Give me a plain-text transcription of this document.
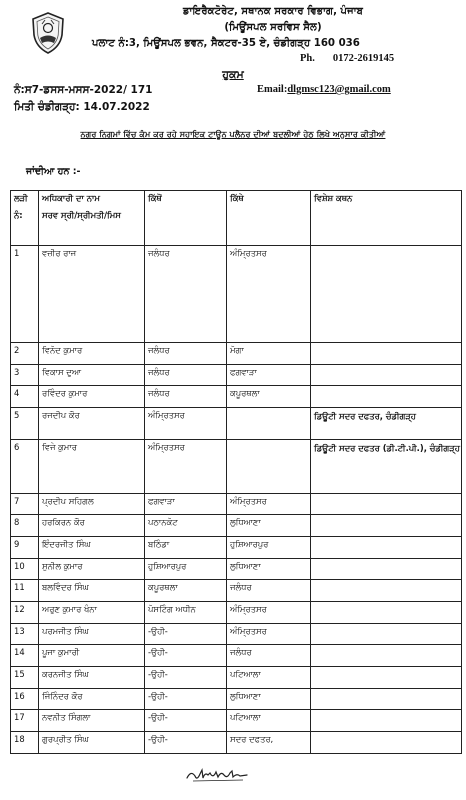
ਡਾਇਰੈਕਟੋਰੇਟ, ਸਥਾਨਕ ਸਰਕਾਰ ਵਿਭਾਗ, ਪੰਜਾਬ
(ਮਿਊਂਸਪਲ ਸਰਵਿਸ ਸੈਲ)
ਪਲਾਟ ਨੰ:3, ਮਿਊਂਸਪਲ ਭਵਨ, ਸੈਕਟਰ-35 ਏ, ਚੰਡੀਗੜ੍ਹ 160 036
Ph. 0172-2619145
ਹੁਕਮ
ਨੰ:ਸ7-ਡਸਸ-ਮਸਸ-2022/ 171
ਮਿਤੀ ਚੰਡੀਗੜ੍ਹ: 14.07.2022
Email:dlgmsc123@gmail.com
ਨਗਰ ਨਿਗਮਾਂ ਵਿੱਚ ਕੰਮ ਕਰ ਰਹੇ ਸਹਾਇਕ ਟਾਊਨ ਪਲੈਨਰ ਦੀਆਂ ਬਦਲੀਆਂ ਹੇਠ ਲਿਖੇ ਅਨੁਸਾਰ ਕੀਤੀਆਂ
ਜਾਂਦੀਆ ਹਨ :-
ਲੜੀ
ਨੰ:	ਅਧਿਕਾਰੀ ਦਾ ਨਾਮ
ਸਰਵ ਸ੍ਰੀ/ਸ੍ਰੀਮਤੀ/ਮਿਸ	ਕਿੱਥੋਂ	ਕਿੱਥੇ	ਵਿਸ਼ੇਸ਼ ਕਥਨ
1	ਵਜ਼ੀਰ ਰਾਜ	ਜਲੰਧਰ	ਅੰਮ੍ਰਿਤਸਰ	
2	ਵਿਨੋਦ ਕੁਮਾਰ	ਜਲੰਧਰ	ਮੋਗਾ	
3	ਵਿਕਾਸ ਦੁਆ	ਜਲੰਧਰ	ਫਗਵਾੜਾ	
4	ਰਵਿੰਦਰ ਕੁਮਾਰ	ਜਲੰਧਰ	ਕਪੂਰਥਲਾ	
5	ਰਜਦੀਪ ਕੌਰ	ਅੰਮ੍ਰਿਤਸਰ		ਡਿਊਟੀ ਸਦਰ ਦਫਤਰ, ਚੰਡੀਗੜ੍ਹ
6	ਵਿਜੇ ਕੁਮਾਰ	ਅੰਮ੍ਰਿਤਸਰ		ਡਿਊਟੀ ਸਦਰ ਦਫਤਰ (ਡੀ.ਟੀ.ਪੀ.), ਚੰਡੀਗੜ੍ਹ
7	ਪ੍ਰਦੀਪ ਸਹਿਗਲ	ਫਗਵਾੜਾ	ਅੰਮ੍ਰਿਤਸਰ	
8	ਹਰਕਿਰਨ ਕੌਰ	ਪਠਾਨਕੋਟ	ਲੁਧਿਆਣਾ	
9	ਇੰਦਰਜੀਤ ਸਿੰਘ	ਬਠਿੰਡਾ	ਹੁਸ਼ਿਆਰਪੁਰ	
10	ਸੁਨੀਲ ਕੁਮਾਰ	ਹੁਸ਼ਿਆਰਪੁਰ	ਲੁਧਿਆਣਾ	
11	ਬਲਵਿੰਦਰ ਸਿੰਘ	ਕਪੂਰਥਲਾ	ਜਲੰਧਰ	
12	ਅਰੁਣ ਕੁਮਾਰ ਖੰਨਾ	ਪੋਸਟਿੰਗ ਅਧੀਨ	ਅੰਮ੍ਰਿਤਸਰ	
13	ਪਰਮਜੀਤ ਸਿੰਘ	-ਉਹੀ-	ਅੰਮ੍ਰਿਤਸਰ	
14	ਪੂਜਾ ਕੁਮਾਰੀ	-ਉਹੀ-	ਜਲੰਧਰ	
15	ਕਰਨਜੀਤ ਸਿੰਘ	-ਉਹੀ-	ਪਟਿਆਲਾ	
16	ਜਿੰਨਿੰਦਰ ਕੌਰ	-ਉਹੀ-	ਲੁਧਿਆਣਾ	
17	ਨਵਨੀਤ ਸਿੰਗਲਾ	-ਉਹੀ-	ਪਟਿਆਲਾ	
18	ਗੁਰਪ੍ਰੀਤ ਸਿੰਘ	-ਉਹੀ-	ਸਦਰ ਦਫਤਰ,	
